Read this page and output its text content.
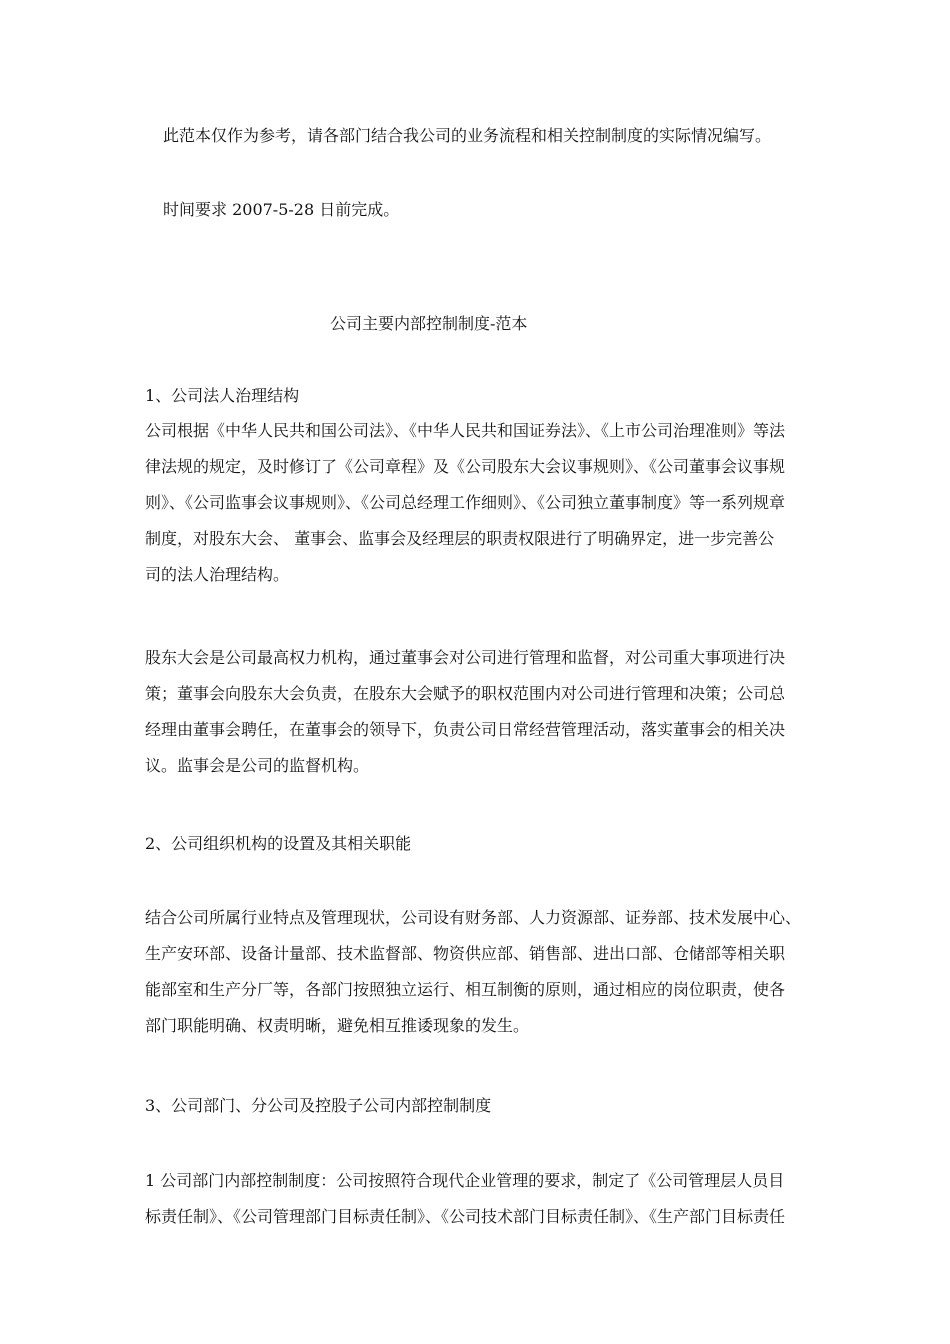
此范本仅作为参考，请各部门结合我公司的业务流程和相关控制制度的实际情况编写。
时间要求 2007-5-28 日前完成。
公司主要内部控制制度-范本
1、公司法人治理结构
公司根据《中华人民共和国公司法》、《中华人民共和国证券法》、《上市公司治理准则》等法
律法规的规定，及时修订了《公司章程》及《公司股东大会议事规则》、《公司董事会议事规
则》、《公司监事会议事规则》、《公司总经理工作细则》、《公司独立董事制度》等一系列规章
制度，对股东大会、 董事会、监事会及经理层的职责权限进行了明确界定，进一步完善公
司的法人治理结构。
股东大会是公司最高权力机构，通过董事会对公司进行管理和监督，对公司重大事项进行决
策；董事会向股东大会负责，在股东大会赋予的职权范围内对公司进行管理和决策；公司总
经理由董事会聘任，在董事会的领导下，负责公司日常经营管理活动，落实董事会的相关决
议。监事会是公司的监督机构。
2、公司组织机构的设置及其相关职能
结合公司所属行业特点及管理现状，公司设有财务部、人力资源部、证券部、技术发展中心、
生产安环部、设备计量部、技术监督部、物资供应部、销售部、进出口部、仓储部等相关职
能部室和生产分厂等，各部门按照独立运行、相互制衡的原则，通过相应的岗位职责，使各
部门职能明确、权责明晰，避免相互推诿现象的发生。
3、公司部门、分公司及控股子公司内部控制制度
1 公司部门内部控制制度：公司按照符合现代企业管理的要求，制定了《公司管理层人员目
标责任制》、《公司管理部门目标责任制》、《公司技术部门目标责任制》、《生产部门目标责任
